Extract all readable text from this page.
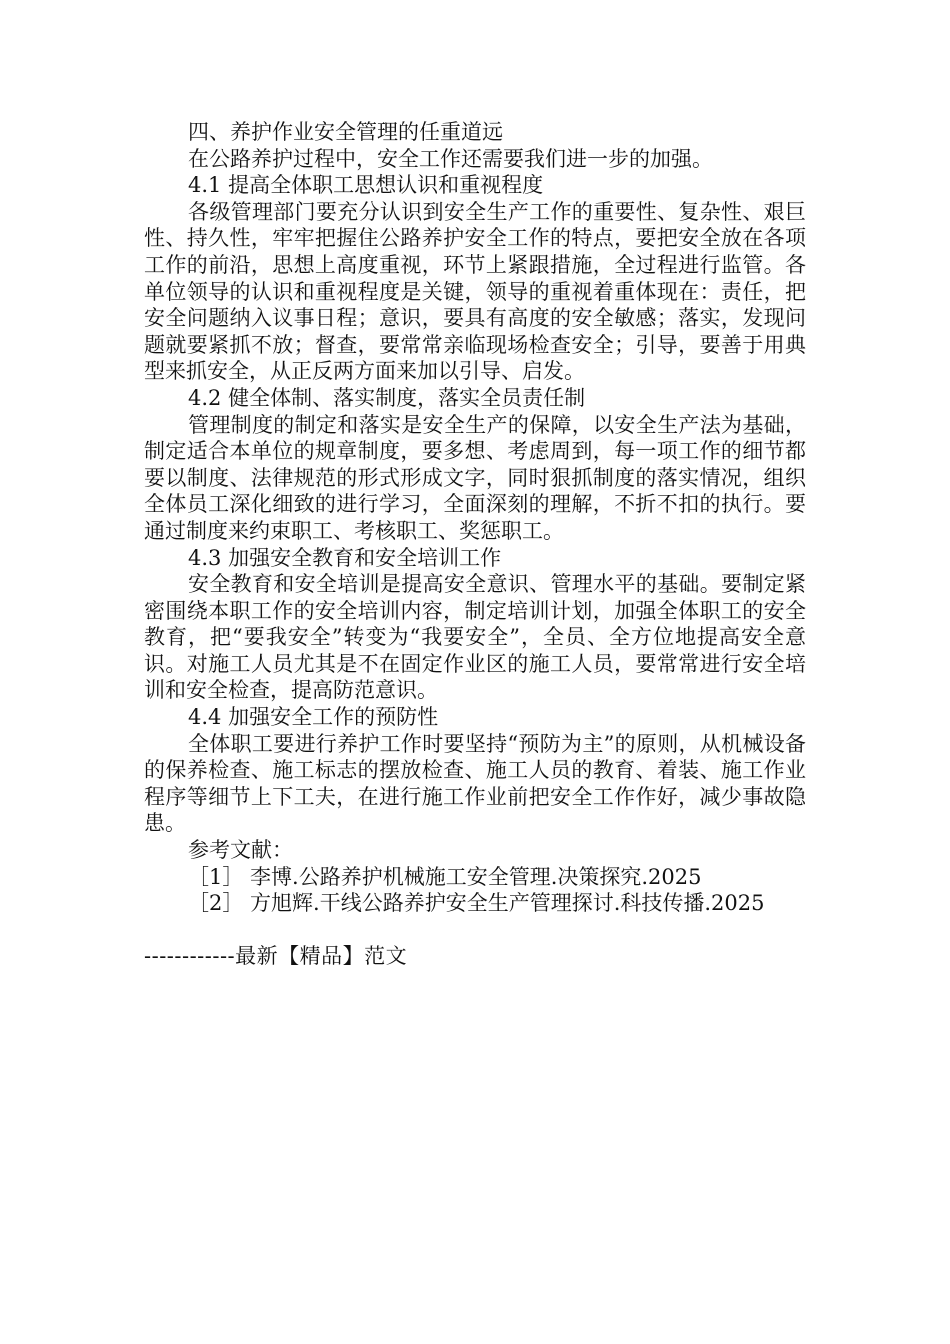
四、养护作业安全管理的任重道远

在公路养护过程中，安全工作还需要我们进一步的加强。

4.1 提高全体职工思想认识和重视程度

各级管理部门要充分认识到安全生产工作的重要性、复杂性、艰巨性、持久性，牢牢把握住公路养护安全工作的特点，要把安全放在各项工作的前沿，思想上高度重视，环节上紧跟措施，全过程进行监管。各单位领导的认识和重视程度是关键，领导的重视着重体现在：责任，把安全问题纳入议事日程；意识，要具有高度的安全敏感；落实，发现问题就要紧抓不放；督查，要常常亲临现场检查安全；引导，要善于用典型来抓安全，从正反两方面来加以引导、启发。

4.2 健全体制、落实制度，落实全员责任制

管理制度的制定和落实是安全生产的保障，以安全生产法为基础，制定适合本单位的规章制度，要多想、考虑周到，每一项工作的细节都要以制度、法律规范的形式形成文字，同时狠抓制度的落实情况，组织全体员工深化细致的进行学习，全面深刻的理解，不折不扣的执行。要通过制度来约束职工、考核职工、奖惩职工。

4.3 加强安全教育和安全培训工作

安全教育和安全培训是提高安全意识、管理水平的基础。要制定紧密围绕本职工作的安全培训内容，制定培训计划，加强全体职工的安全教育，把“要我安全”转变为“我要安全”，全员、全方位地提高安全意识。对施工人员尤其是不在固定作业区的施工人员，要常常进行安全培训和安全检查，提高防范意识。

4.4 加强安全工作的预防性

全体职工要进行养护工作时要坚持“预防为主”的原则，从机械设备的保养检查、施工标志的摆放检查、施工人员的教育、着装、施工作业程序等细节上下工夫，在进行施工作业前把安全工作作好，减少事故隐患。

参考文献：

［1］ 李博.公路养护机械施工安全管理.决策探究.2025

［2］ 方旭辉.干线公路养护安全生产管理探讨.科技传播.2025

------------最新【精品】范文
